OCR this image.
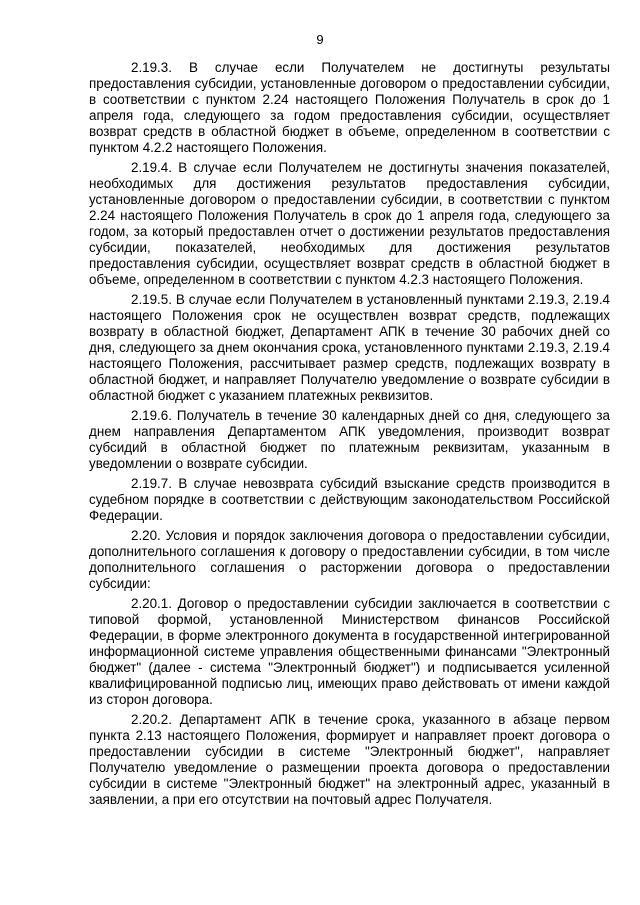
9

2.19.3. В случае если Получателем не достигнуты результаты предоставления субсидии, установленные договором о предоставлении субсидии, в соответствии с пунктом 2.24 настоящего Положения Получатель в срок до 1 апреля года, следующего за годом предоставления субсидии, осуществляет возврат средств в областной бюджет в объеме, определенном в соответствии с пунктом 4.2.2 настоящего Положения.

2.19.4. В случае если Получателем не достигнуты значения показателей, необходимых для достижения результатов предоставления субсидии, установленные договором о предоставлении субсидии, в соответствии с пунктом 2.24 настоящего Положения Получатель в срок до 1 апреля года, следующего за годом, за который предоставлен отчет о достижении результатов предоставления субсидии, показателей, необходимых для достижения результатов предоставления субсидии, осуществляет возврат средств в областной бюджет в объеме, определенном в соответствии с пунктом 4.2.3 настоящего Положения.

2.19.5. В случае если Получателем в установленный пунктами 2.19.3, 2.19.4 настоящего Положения срок не осуществлен возврат средств, подлежащих возврату в областной бюджет, Департамент АПК в течение 30 рабочих дней со дня, следующего за днем окончания срока, установленного пунктами 2.19.3, 2.19.4 настоящего Положения, рассчитывает размер средств, подлежащих возврату в областной бюджет, и направляет Получателю уведомление о возврате субсидии в областной бюджет с указанием платежных реквизитов.

2.19.6. Получатель в течение 30 календарных дней со дня, следующего за днем направления Департаментом АПК уведомления, производит возврат субсидий в областной бюджет по платежным реквизитам, указанным в уведомлении о возврате субсидии.

2.19.7. В случае невозврата субсидий взыскание средств производится в судебном порядке в соответствии с действующим законодательством Российской Федерации.

2.20. Условия и порядок заключения договора о предоставлении субсидии, дополнительного соглашения к договору о предоставлении субсидии, в том числе дополнительного соглашения о расторжении договора о предоставлении субсидии:

2.20.1. Договор о предоставлении субсидии заключается в соответствии с типовой формой, установленной Министерством финансов Российской Федерации, в форме электронного документа в государственной интегрированной информационной системе управления общественными финансами "Электронный бюджет" (далее - система "Электронный бюджет") и подписывается усиленной квалифицированной подписью лиц, имеющих право действовать от имени каждой из сторон договора.

2.20.2. Департамент АПК в течение срока, указанного в абзаце первом пункта 2.13 настоящего Положения, формирует и направляет проект договора о предоставлении субсидии в системе "Электронный бюджет", направляет Получателю уведомление о размещении проекта договора о предоставлении субсидии в системе "Электронный бюджет" на электронный адрес, указанный в заявлении, а при его отсутствии на почтовый адрес Получателя.
